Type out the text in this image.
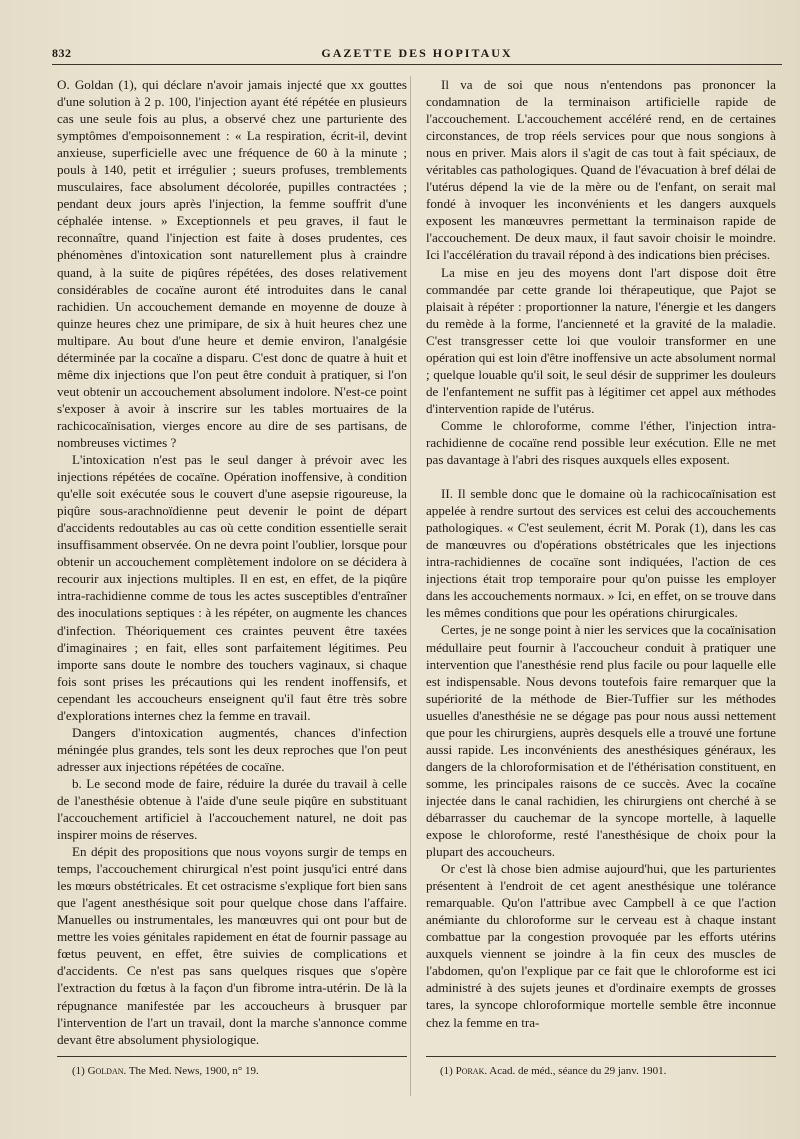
832	GAZETTE DES HOPITAUX

O. Goldan (1), qui déclare n'avoir jamais injecté que xx gouttes d'une solution à 2 p. 100, l'injection ayant été répétée en plusieurs cas une seule fois au plus, a observé chez une parturiente des symptômes d'empoisonnement : « La respiration, écrit-il, devint anxieuse, superficielle avec une fréquence de 60 à la minute ; pouls à 140, petit et irrégulier ; sueurs profuses, tremblements musculaires, face absolument décolorée, pupilles contractées ; pendant deux jours après l'injection, la femme souffrit d'une céphalée intense. » Exceptionnels et peu graves, il faut le reconnaître, quand l'injection est faite à doses prudentes, ces phénomènes d'intoxication sont naturellement plus à craindre quand, à la suite de piqûres répétées, des doses relativement considérables de cocaïne auront été introduites dans le canal rachidien. Un accouchement demande en moyenne de douze à quinze heures chez une primipare, de six à huit heures chez une multipare. Au bout d'une heure et demie environ, l'analgésie déterminée par la cocaïne a disparu. C'est donc de quatre à huit et même dix injections que l'on peut être conduit à pratiquer, si l'on veut obtenir un accouchement absolument indolore. N'est-ce point s'exposer à avoir à inscrire sur les tables mortuaires de la rachicocaïnisation, vierges encore au dire de ses partisans, de nombreuses victimes ?

L'intoxication n'est pas le seul danger à prévoir avec les injections répétées de cocaïne. Opération inoffensive, à condition qu'elle soit exécutée sous le couvert d'une asepsie rigoureuse, la piqûre sous-arachnoïdienne peut devenir le point de départ d'accidents redoutables au cas où cette condition essentielle serait insuffisamment observée. On ne devra point l'oublier, lorsque pour obtenir un accouchement complètement indolore on se décidera à recourir aux injections multiples. Il en est, en effet, de la piqûre intra-rachidienne comme de tous les actes susceptibles d'entraîner des inoculations septiques : à les répéter, on augmente les chances d'infection. Théoriquement ces craintes peuvent être taxées d'imaginaires ; en fait, elles sont parfaitement légitimes. Peu importe sans doute le nombre des touchers vaginaux, si chaque fois sont prises les précautions qui les rendent inoffensifs, et cependant les accoucheurs enseignent qu'il faut être très sobre d'explorations internes chez la femme en travail.

Dangers d'intoxication augmentés, chances d'infection méningée plus grandes, tels sont les deux reproches que l'on peut adresser aux injections répétées de cocaïne.

b. Le second mode de faire, réduire la durée du travail à celle de l'anesthésie obtenue à l'aide d'une seule piqûre en substituant l'accouchement artificiel à l'accouchement naturel, ne doit pas inspirer moins de réserves.

En dépit des propositions que nous voyons surgir de temps en temps, l'accouchement chirurgical n'est point jusqu'ici entré dans les mœurs obstétricales. Et cet ostracisme s'explique fort bien sans que l'agent anesthésique soit pour quelque chose dans l'affaire. Manuelles ou instrumentales, les manœuvres qui ont pour but de mettre les voies génitales rapidement en état de fournir passage au fœtus peuvent, en effet, être suivies de complications et d'accidents. Ce n'est pas sans quelques risques que s'opère l'extraction du fœtus à la façon d'un fibrome intra-utérin. De là la répugnance manifestée par les accoucheurs à brusquer par l'intervention de l'art un travail, dont la marche s'annonce comme devant être absolument physiologique.

Il va de soi que nous n'entendons pas prononcer la condamnation de la terminaison artificielle rapide de l'accouchement. L'accouchement accéléré rend, en de certaines circonstances, de trop réels services pour que nous songions à nous en priver. Mais alors il s'agit de cas tout à fait spéciaux, de véritables cas pathologiques. Quand de l'évacuation à bref délai de l'utérus dépend la vie de la mère ou de l'enfant, on serait mal fondé à invoquer les inconvénients et les dangers auxquels exposent les manœuvres permettant la terminaison rapide de l'accouchement. De deux maux, il faut savoir choisir le moindre. Ici l'accélération du travail répond à des indications bien précises.

La mise en jeu des moyens dont l'art dispose doit être commandée par cette grande loi thérapeutique, que Pajot se plaisait à répéter : proportionner la nature, l'énergie et les dangers du remède à la forme, l'ancienneté et la gravité de la maladie. C'est transgresser cette loi que vouloir transformer en une opération qui est loin d'être inoffensive un acte absolument normal ; quelque louable qu'il soit, le seul désir de supprimer les douleurs de l'enfantement ne suffit pas à légitimer cet appel aux méthodes d'intervention rapide de l'utérus.

Comme le chloroforme, comme l'éther, l'injection intra-rachidienne de cocaïne rend possible leur exécution. Elle ne met pas davantage à l'abri des risques auxquels elles exposent.

II. Il semble donc que le domaine où la rachicocaïnisation est appelée à rendre surtout des services est celui des accouchements pathologiques. « C'est seulement, écrit M. Porak (1), dans les cas de manœuvres ou d'opérations obstétricales que les injections intra-rachidiennes de cocaïne sont indiquées, l'action de ces injections était trop temporaire pour qu'on puisse les employer dans les accouchements normaux. » Ici, en effet, on se trouve dans les mêmes conditions que pour les opérations chirurgicales.

Certes, je ne songe point à nier les services que la cocaïnisation médullaire peut fournir à l'accoucheur conduit à pratiquer une intervention que l'anesthésie rend plus facile ou pour laquelle elle est indispensable. Nous devons toutefois faire remarquer que la supériorité de la méthode de Bier-Tuffier sur les méthodes usuelles d'anesthésie ne se dégage pas pour nous aussi nettement que pour les chirurgiens, auprès desquels elle a trouvé une fortune aussi rapide. Les inconvénients des anesthésiques généraux, les dangers de la chloroformisation et de l'éthérisation constituent, en somme, les principales raisons de ce succès. Avec la cocaïne injectée dans le canal rachidien, les chirurgiens ont cherché à se débarrasser du cauchemar de la syncope mortelle, à laquelle expose le chloroforme, resté l'anesthésique de choix pour la plupart des accoucheurs.

Or c'est là chose bien admise aujourd'hui, que les parturientes présentent à l'endroit de cet agent anesthésique une tolérance remarquable. Qu'on l'attribue avec Campbell à ce que l'action anémiante du chloroforme sur le cerveau est à chaque instant combattue par la congestion provoquée par les efforts utérins auxquels viennent se joindre à la fin ceux des muscles de l'abdomen, qu'on l'explique par ce fait que le chloroforme est ici administré à des sujets jeunes et d'ordinaire exempts de grosses tares, la syncope chloroformique mortelle semble être inconnue chez la femme en tra-

(1) Goldan. The Med. News, 1900, n° 19.	(1) Porak. Acad. de méd., séance du 29 janv. 1901.
